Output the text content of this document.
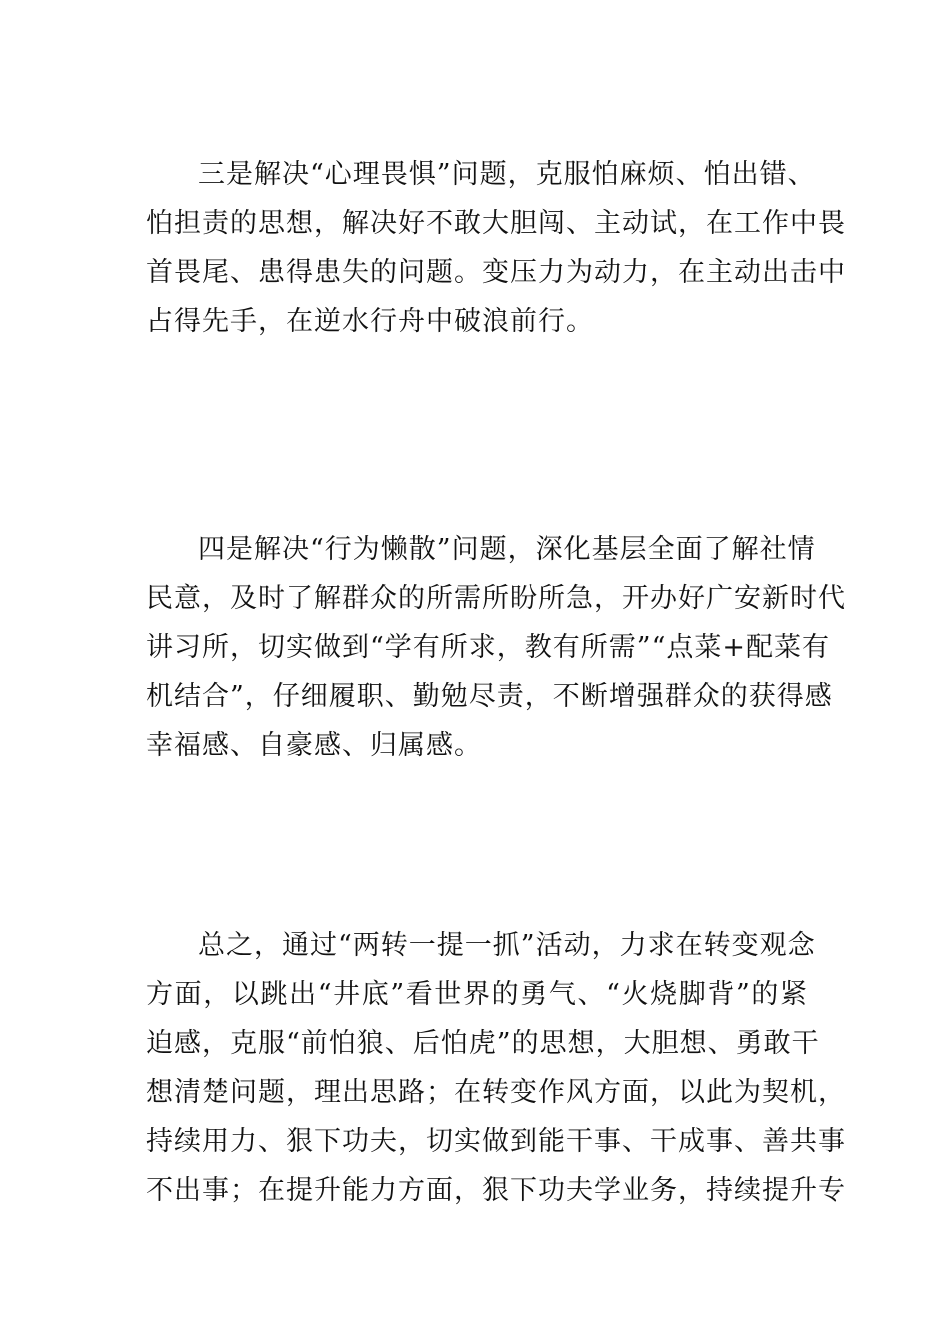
三是解决“心理畏惧”问题，克服怕麻烦、怕出错、
怕担责的思想，解决好不敢大胆闯、主动试，在工作中畏
首畏尾、患得患失的问题。变压力为动力，在主动出击中
占得先手，在逆水行舟中破浪前行。

四是解决“行为懒散”问题，深化基层全面了解社情
民意，及时了解群众的所需所盼所急，开办好广安新时代
讲习所，切实做到“学有所求，教有所需”“点菜+配菜有
机结合”，仔细履职、勤勉尽责，不断增强群众的获得感
幸福感、自豪感、归属感。

总之，通过“两转一提一抓”活动，力求在转变观念
方面，以跳出“井底”看世界的勇气、“火烧脚背”的紧
迫感，克服“前怕狼、后怕虎”的思想，大胆想、勇敢干
想清楚问题，理出思路；在转变作风方面，以此为契机，
持续用力、狠下功夫，切实做到能干事、干成事、善共事
不出事；在提升能力方面，狠下功夫学业务，持续提升专
